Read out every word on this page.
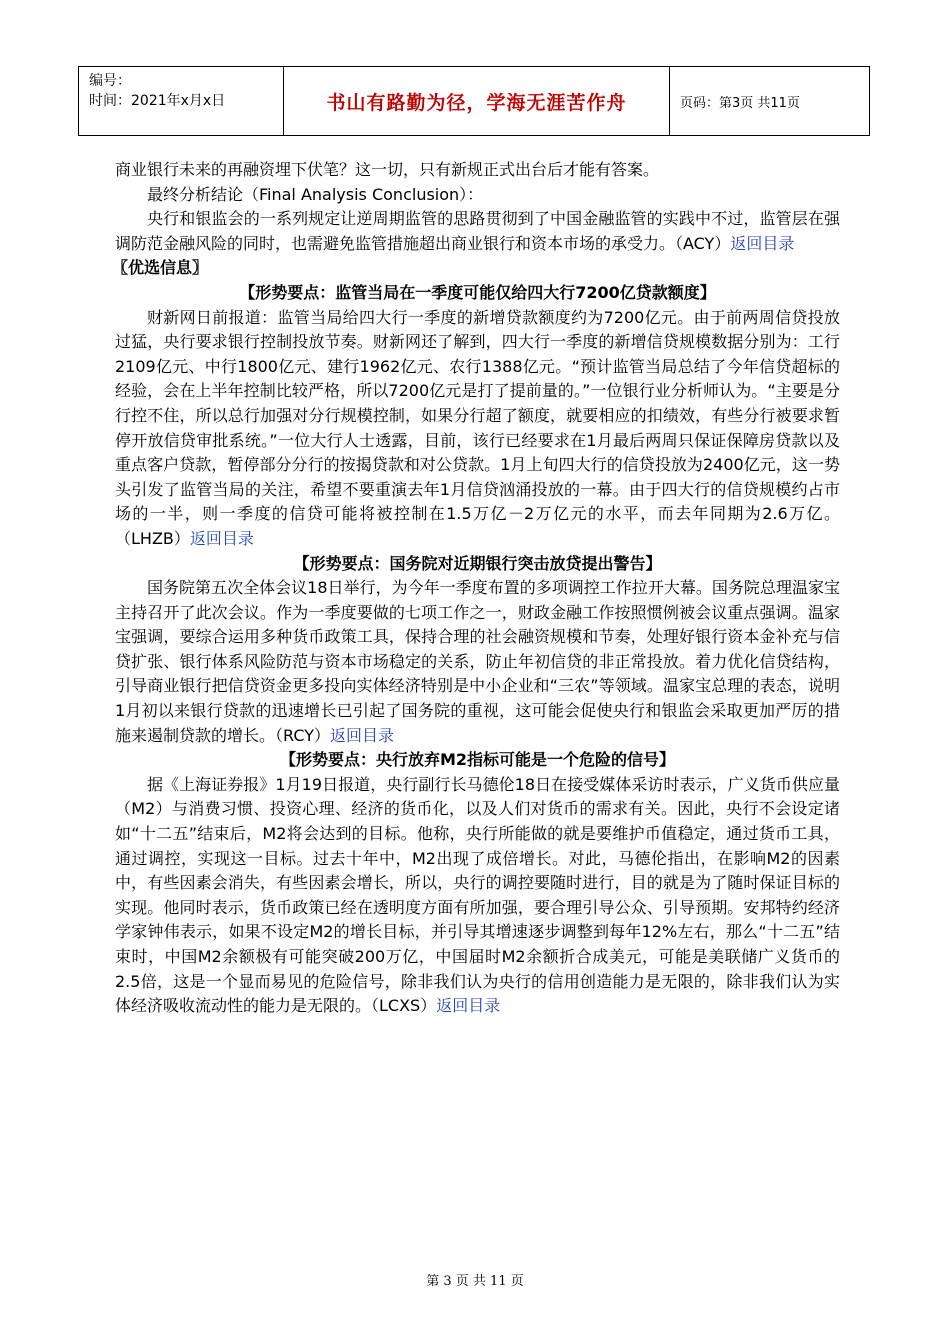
编号：
时间：2021年x月x日	书山有路勤为径，学海无涯苦作舟	页码：第3页 共11页

商业银行未来的再融资埋下伏笔？这一切，只有新规正式出台后才能有答案。

最终分析结论（Final Analysis Conclusion）：

央行和银监会的一系列规定让逆周期监管的思路贯彻到了中国金融监管的实践中不过，监管层在强调防范金融风险的同时，也需避免监管措施超出商业银行和资本市场的承受力。（ACY）返回目录

〖优选信息〗

【形势要点：监管当局在一季度可能仅给四大行7200亿贷款额度】

财新网日前报道：监管当局给四大行一季度的新增贷款额度约为7200亿元。由于前两周信贷投放过猛，央行要求银行控制投放节奏。财新网还了解到，四大行一季度的新增信贷规模数据分别为：工行2109亿元、中行1800亿元、建行1962亿元、农行1388亿元。“预计监管当局总结了今年信贷超标的经验，会在上半年控制比较严格，所以7200亿元是打了提前量的。”一位银行业分析师认为。“主要是分行控不住，所以总行加强对分行规模控制，如果分行超了额度，就要相应的扣绩效，有些分行被要求暂停开放信贷审批系统。”一位大行人士透露，目前，该行已经要求在1月最后两周只保证保障房贷款以及重点客户贷款，暂停部分分行的按揭贷款和对公贷款。1月上旬四大行的信贷投放为2400亿元，这一势头引发了监管当局的关注，希望不要重演去年1月信贷汹涌投放的一幕。由于四大行的信贷规模约占市场的一半，则一季度的信贷可能将被控制在1.5万亿－2万亿元的水平，而去年同期为2.6万亿。（LHZB）返回目录

【形势要点：国务院对近期银行突击放贷提出警告】

国务院第五次全体会议18日举行，为今年一季度布置的多项调控工作拉开大幕。国务院总理温家宝主持召开了此次会议。作为一季度要做的七项工作之一，财政金融工作按照惯例被会议重点强调。温家宝强调，要综合运用多种货币政策工具，保持合理的社会融资规模和节奏，处理好银行资本金补充与信贷扩张、银行体系风险防范与资本市场稳定的关系，防止年初信贷的非正常投放。着力优化信贷结构，引导商业银行把信贷资金更多投向实体经济特别是中小企业和“三农”等领域。温家宝总理的表态，说明1月初以来银行贷款的迅速增长已引起了国务院的重视，这可能会促使央行和银监会采取更加严厉的措施来遏制贷款的增长。（RCY）返回目录

【形势要点：央行放弃M2指标可能是一个危险的信号】

据《上海证券报》1月19日报道，央行副行长马德伦18日在接受媒体采访时表示，广义货币供应量（M2）与消费习惯、投资心理、经济的货币化，以及人们对货币的需求有关。因此，央行不会设定诸如“十二五”结束后，M2将会达到的目标。他称，央行所能做的就是要维护币值稳定，通过货币工具，通过调控，实现这一目标。过去十年中，M2出现了成倍增长。对此，马德伦指出，在影响M2的因素中，有些因素会消失，有些因素会增长，所以，央行的调控要随时进行，目的就是为了随时保证目标的实现。他同时表示，货币政策已经在透明度方面有所加强，要合理引导公众、引导预期。安邦特约经济学家钟伟表示，如果不设定M2的增长目标，并引导其增速逐步调整到每年12%左右，那么“十二五”结束时，中国M2余额极有可能突破200万亿，中国届时M2余额折合成美元，可能是美联储广义货币的2.5倍，这是一个显而易见的危险信号，除非我们认为央行的信用创造能力是无限的，除非我们认为实体经济吸收流动性的能力是无限的。（LCXS）返回目录

第 3 页 共 11 页
